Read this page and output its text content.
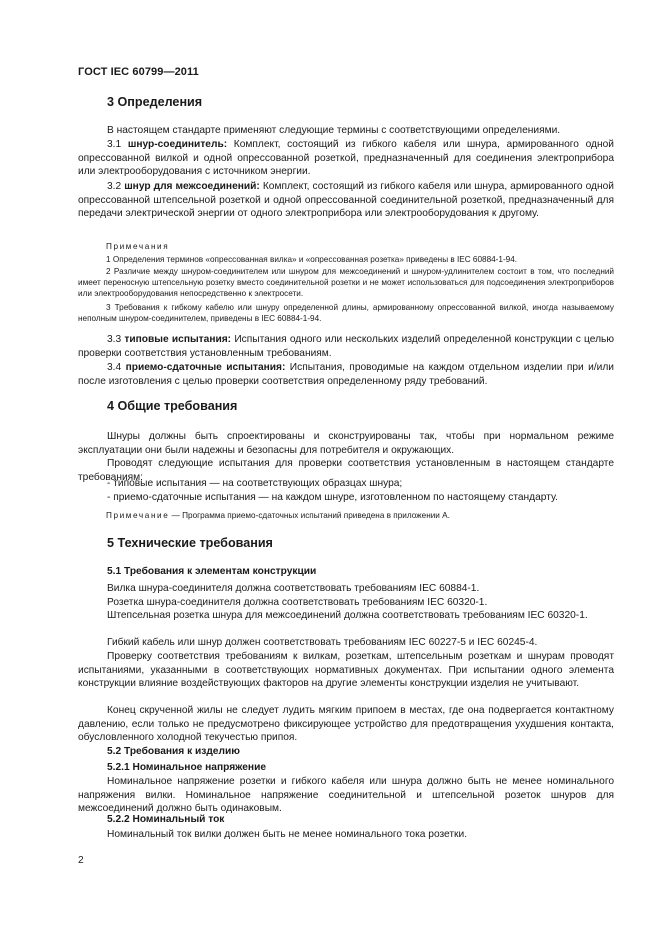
ГОСТ IEC 60799—2011
3 Определения
В настоящем стандарте применяют следующие термины с соответствующими определениями.
3.1 шнур-соединитель: Комплект, состоящий из гибкого кабеля или шнура, армированного одной опрессованной вилкой и одной опрессованной розеткой, предназначенный для соединения электроприбора или электрооборудования с источником энергии.
3.2 шнур для межсоединений: Комплект, состоящий из гибкого кабеля или шнура, армированного одной опрессованной штепсельной розеткой и одной опрессованной соединительной розеткой, предназначенный для передачи электрической энергии от одного электроприбора или электрооборудования к другому.
Примечания
1 Определения терминов «опрессованная вилка» и «опрессованная розетка» приведены в IEC 60884-1-94.
2 Различие между шнуром-соединителем или шнуром для межсоединений и шнуром-удлинителем состоит в том, что последний имеет переносную штепсельную розетку вместо соединительной розетки и не может использоваться для подсоединения электроприборов или электрооборудования непосредственно к электросети.
3 Требования к гибкому кабелю или шнуру определенной длины, армированному опрессованной вилкой, иногда называемому неполным шнуром-соединителем, приведены в IEC 60884-1-94.
3.3 типовые испытания: Испытания одного или нескольких изделий определенной конструкции с целью проверки соответствия установленным требованиям.
3.4 приемо-сдаточные испытания: Испытания, проводимые на каждом отдельном изделии при и/или после изготовления с целью проверки соответствия определенному ряду требований.
4 Общие требования
Шнуры должны быть спроектированы и сконструированы так, чтобы при нормальном режиме эксплуатации они были надежны и безопасны для потребителя и окружающих.
Проводят следующие испытания для проверки соответствия установленным в настоящем стандарте требованиям:
- типовые испытания — на соответствующих образцах шнура;
- приемо-сдаточные испытания — на каждом шнуре, изготовленном по настоящему стандарту.
Примечание — Программа приемо-сдаточных испытаний приведена в приложении А.
5 Технические требования
5.1 Требования к элементам конструкции
Вилка шнура-соединителя должна соответствовать требованиям IEC 60884-1.
Розетка шнура-соединителя должна соответствовать требованиям IEC 60320-1.
Штепсельная розетка шнура для межсоединений должна соответствовать требованиям IEC 60320-1.
Гибкий кабель или шнур должен соответствовать требованиям IEC 60227-5 и IEC 60245-4.
Проверку соответствия требованиям к вилкам, розеткам, штепсельным розеткам и шнурам проводят испытаниями, указанными в соответствующих нормативных документах. При испытании одного элемента конструкции влияние воздействующих факторов на другие элементы конструкции изделия не учитывают.
Конец скрученной жилы не следует лудить мягким припоем в местах, где она подвергается контактному давлению, если только не предусмотрено фиксирующее устройство для предотвращения ухудшения контакта, обусловленного холодной текучестью припоя.
5.2 Требования к изделию
5.2.1 Номинальное напряжение
Номинальное напряжение розетки и гибкого кабеля или шнура должно быть не менее номинального напряжения вилки. Номинальное напряжение соединительной и штепсельной розеток шнуров для межсоединений должно быть одинаковым.
5.2.2 Номинальный ток
Номинальный ток вилки должен быть не менее номинального тока розетки.
2
